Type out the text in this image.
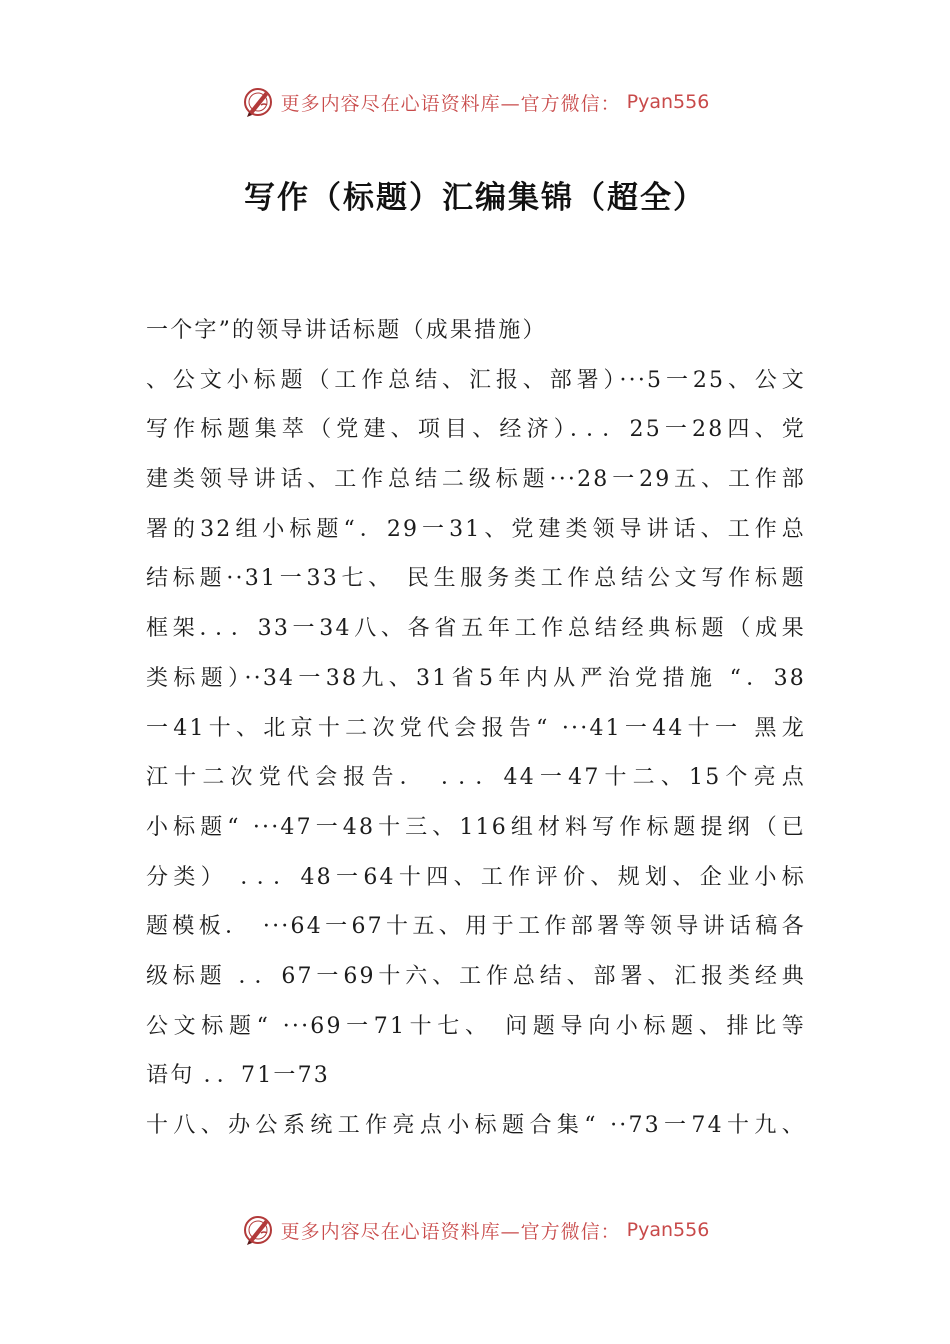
更多内容尽在心语资料库—官方微信： Pyan556
写作（标题）汇编集锦（超全）
一个字”的领导讲话标题（成果措施）
、公文小标题（工作总结、汇报、部署）···5一25、公文
写作标题集萃（党建、项目、经济）．．．25一28四、党
建类领导讲话、工作总结二级标题···28一29五、工作部
署的32组小标题“．29一31、党建类领导讲话、工作总
结标题··31一33七、 民生服务类工作总结公文写作标题
框架．．．33一34八、各省五年工作总结经典标题（成果
类标题）··34一38九、31省5年内从严治党措施 “．38
一41十、北京十二次党代会报告“ ···41一44十一 黑龙
江十二次党代会报告． ．．．44一47十二、15个亮点
小标题“ ···47一48十三、116组材料写作标题提纲（已
分类） ．．．48一64十四、工作评价、规划、企业小标
题模板． ···64一67十五、用于工作部署等领导讲话稿各
级标题 ．．67一69十六、工作总结、部署、汇报类经典
公文标题“ ···69一71十七、 问题导向小标题、排比等
语句 ．．71一73
十八、办公系统工作亮点小标题合集“ ··73一74十九、
更多内容尽在心语资料库—官方微信： Pyan556
